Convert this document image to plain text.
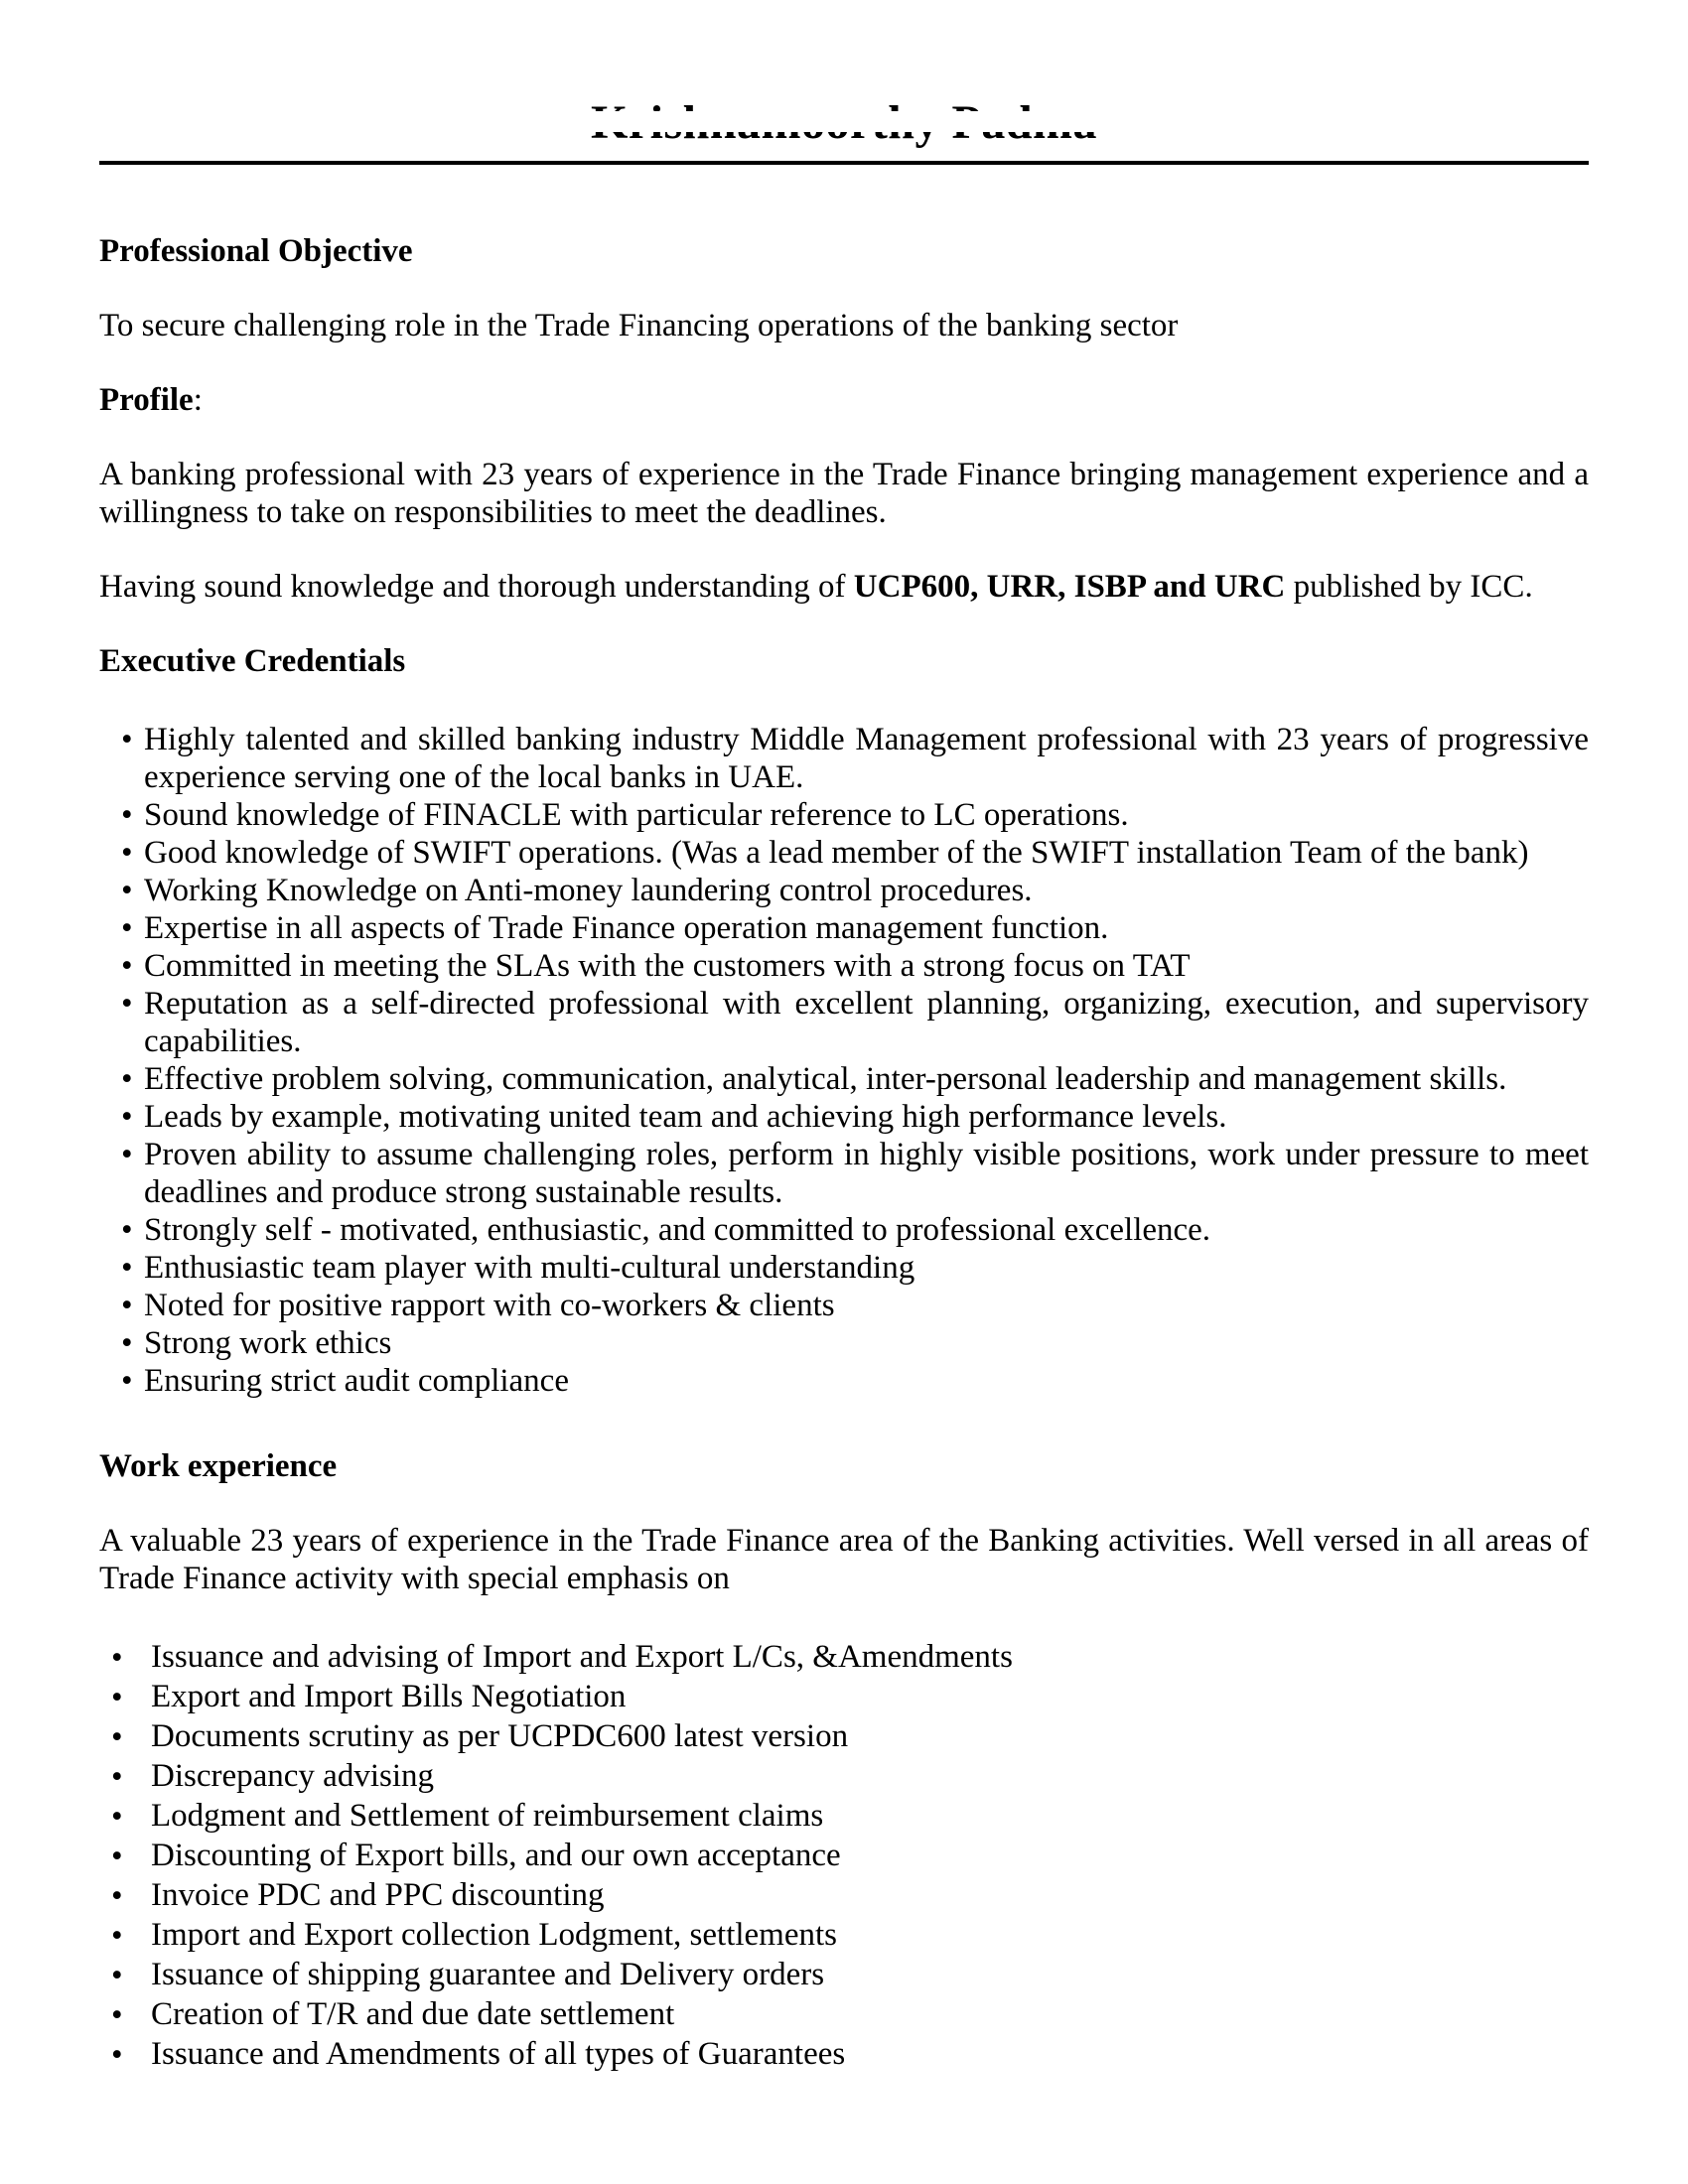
Professional Objective

To secure challenging role in the Trade Financing operations of the banking sector

Profile:

A banking professional with 23 years of experience in the Trade Finance bringing management experience and a willingness to take on responsibilities to meet the deadlines.

Having sound knowledge and thorough understanding of UCP600, URR, ISBP and URC published by ICC.

Executive Credentials
• Highly talented and skilled banking industry Middle Management professional with 23 years of progressive experience serving one of the local banks in UAE.
• Sound knowledge of FINACLE with particular reference to LC operations.
• Good knowledge of SWIFT operations. (Was a lead member of the SWIFT installation Team of the bank)
• Working Knowledge on Anti-money laundering control procedures.
• Expertise in all aspects of Trade Finance operation management function.
• Committed in meeting the SLAs with the customers with a strong focus on TAT
• Reputation as a self-directed professional with excellent planning, organizing, execution, and supervisory capabilities.
• Effective problem solving, communication, analytical, inter-personal leadership and management skills.
• Leads by example, motivating united team and achieving high performance levels.
• Proven ability to assume challenging roles, perform in highly visible positions, work under pressure to meet deadlines and produce strong sustainable results.
• Strongly self - motivated, enthusiastic, and committed to professional excellence.
• Enthusiastic team player with multi-cultural understanding
• Noted for positive rapport with co-workers & clients
• Strong work ethics
• Ensuring strict audit compliance
Work experience

A valuable 23 years of experience in the Trade Finance area of the Banking activities. Well versed in all areas of Trade Finance activity with special emphasis on

• Issuance and advising of Import and Export L/Cs, &Amendments
• Export and Import Bills Negotiation
• Documents scrutiny as per UCPDC600 latest version
• Discrepancy advising
• Lodgment and Settlement of reimbursement claims
• Discounting of Export bills, and our own acceptance
• Invoice PDC and PPC discounting
• Import and Export collection Lodgment, settlements
• Issuance of shipping guarantee and Delivery orders
• Creation of T/R and due date settlement
• Issuance and Amendments of all types of Guarantees
